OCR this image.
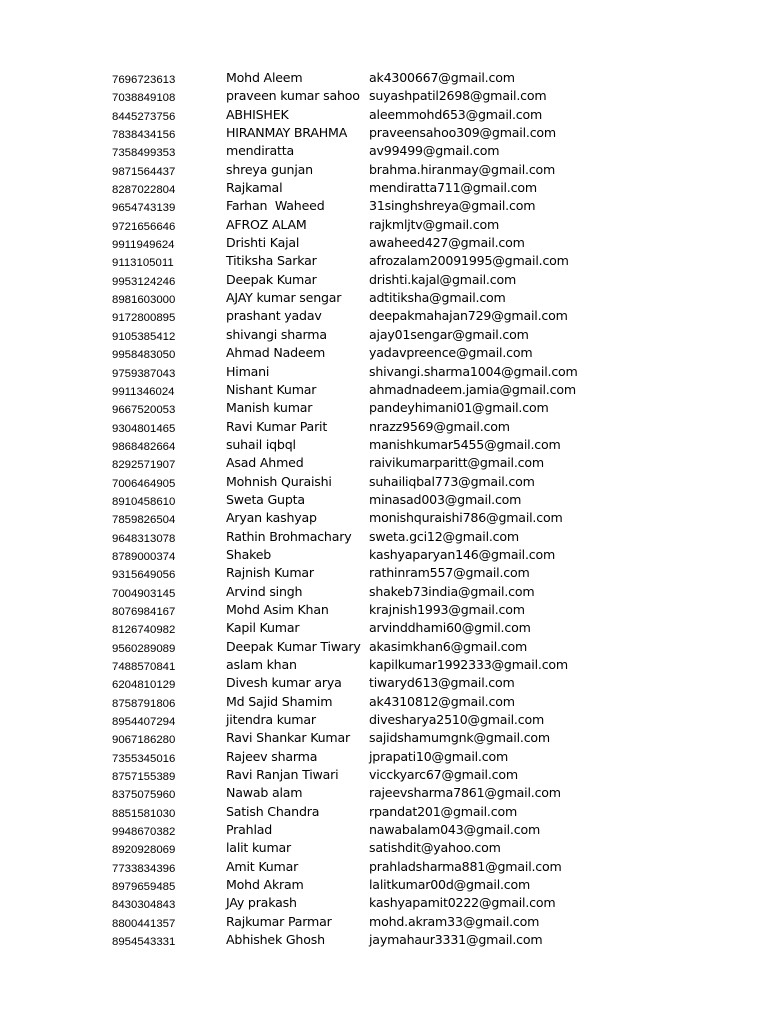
7696723613	Mohd Aleem	ak4300667@gmail.com
7038849108	praveen kumar sahoo suyashpatil2698@gmail.com
8445273756	ABHISHEK	aleemmohd653@gmail.com
7838434156	HIRANMAY BRAHMA praveensahoo309@gmail.com
7358499353	mendiratta	av99499@gmail.com
9871564437	shreya gunjan	brahma.hiranmay@gmail.com
8287022804	Rajkamal	mendiratta711@gmail.com
9654743139	Farhan  Waheed	31singhshreya@gmail.com
9721656646	AFROZ ALAM	rajkmljtv@gmail.com
9911949624	Drishti Kajal	awaheed427@gmail.com
9113105011	Titiksha Sarkar	afrozalam20091995@gmail.com
9953124246	Deepak Kumar	drishti.kajal@gmail.com
8981603000	AJAY kumar sengar adtitiksha@gmail.com
9172800895	prashant yadav	deepakmahajan729@gmail.com
9105385412	shivangi sharma	ajay01sengar@gmail.com
9958483050	Ahmad Nadeem	yadavpreence@gmail.com
9759387043	Himani	shivangi.sharma1004@gmail.com
9911346024	Nishant Kumar	ahmadnadeem.jamia@gmail.com
9667520053	Manish kumar	pandeyhimani01@gmail.com
9304801465	Ravi Kumar Parit	nrazz9569@gmail.com
9868482664	suhail iqbql	manishkumar5455@gmail.com
8292571907	Asad Ahmed	raivikumarparitt@gmail.com
7006464905	Mohnish Quraishi	suhailiqbal773@gmail.com
8910458610	Sweta Gupta	minasad003@gmail.com
7859826504	Aryan kashyap	monishquraishi786@gmail.com
9648313078	Rathin Brohmachary sweta.gci12@gmail.com
8789000374	Shakeb	kashyaparyan146@gmail.com
9315649056	Rajnish Kumar	rathinram557@gmail.com
7004903145	Arvind singh	shakeb73india@gmail.com
8076984167	Mohd Asim Khan	krajnish1993@gmail.com
8126740982	Kapil Kumar	arvinddhami60@gmil.com
9560289089	Deepak Kumar Tiwary akasimkhan6@gmail.com
7488570841	aslam khan	kapilkumar1992333@gmail.com
6204810129	Divesh kumar arya tiwaryd613@gmail.com
8758791806	Md Sajid Shamim	ak4310812@gmail.com
8954407294	jitendra kumar	divesharya2510@gmail.com
9067186280	Ravi Shankar Kumar sajidshamumgnk@gmail.com
7355345016	Rajeev sharma	jprapati10@gmail.com
8757155389	Ravi Ranjan Tiwari vicckyarc67@gmail.com
8375075960	Nawab alam	rajeevsharma7861@gmail.com
8851581030	Satish Chandra	rpandat201@gmail.com
9948670382	Prahlad	nawabalam043@gmail.com
8920928069	lalit kumar	satishdit@yahoo.com
7733834396	Amit Kumar	prahladsharma881@gmail.com
8979659485	Mohd Akram	lalitkumar00d@gmail.com
8430304843	JAy prakash	kashyapamit0222@gmail.com
8800441357	Rajkumar Parmar	mohd.akram33@gmail.com
8954543331	Abhishek Ghosh	jaymahaur3331@gmail.com
